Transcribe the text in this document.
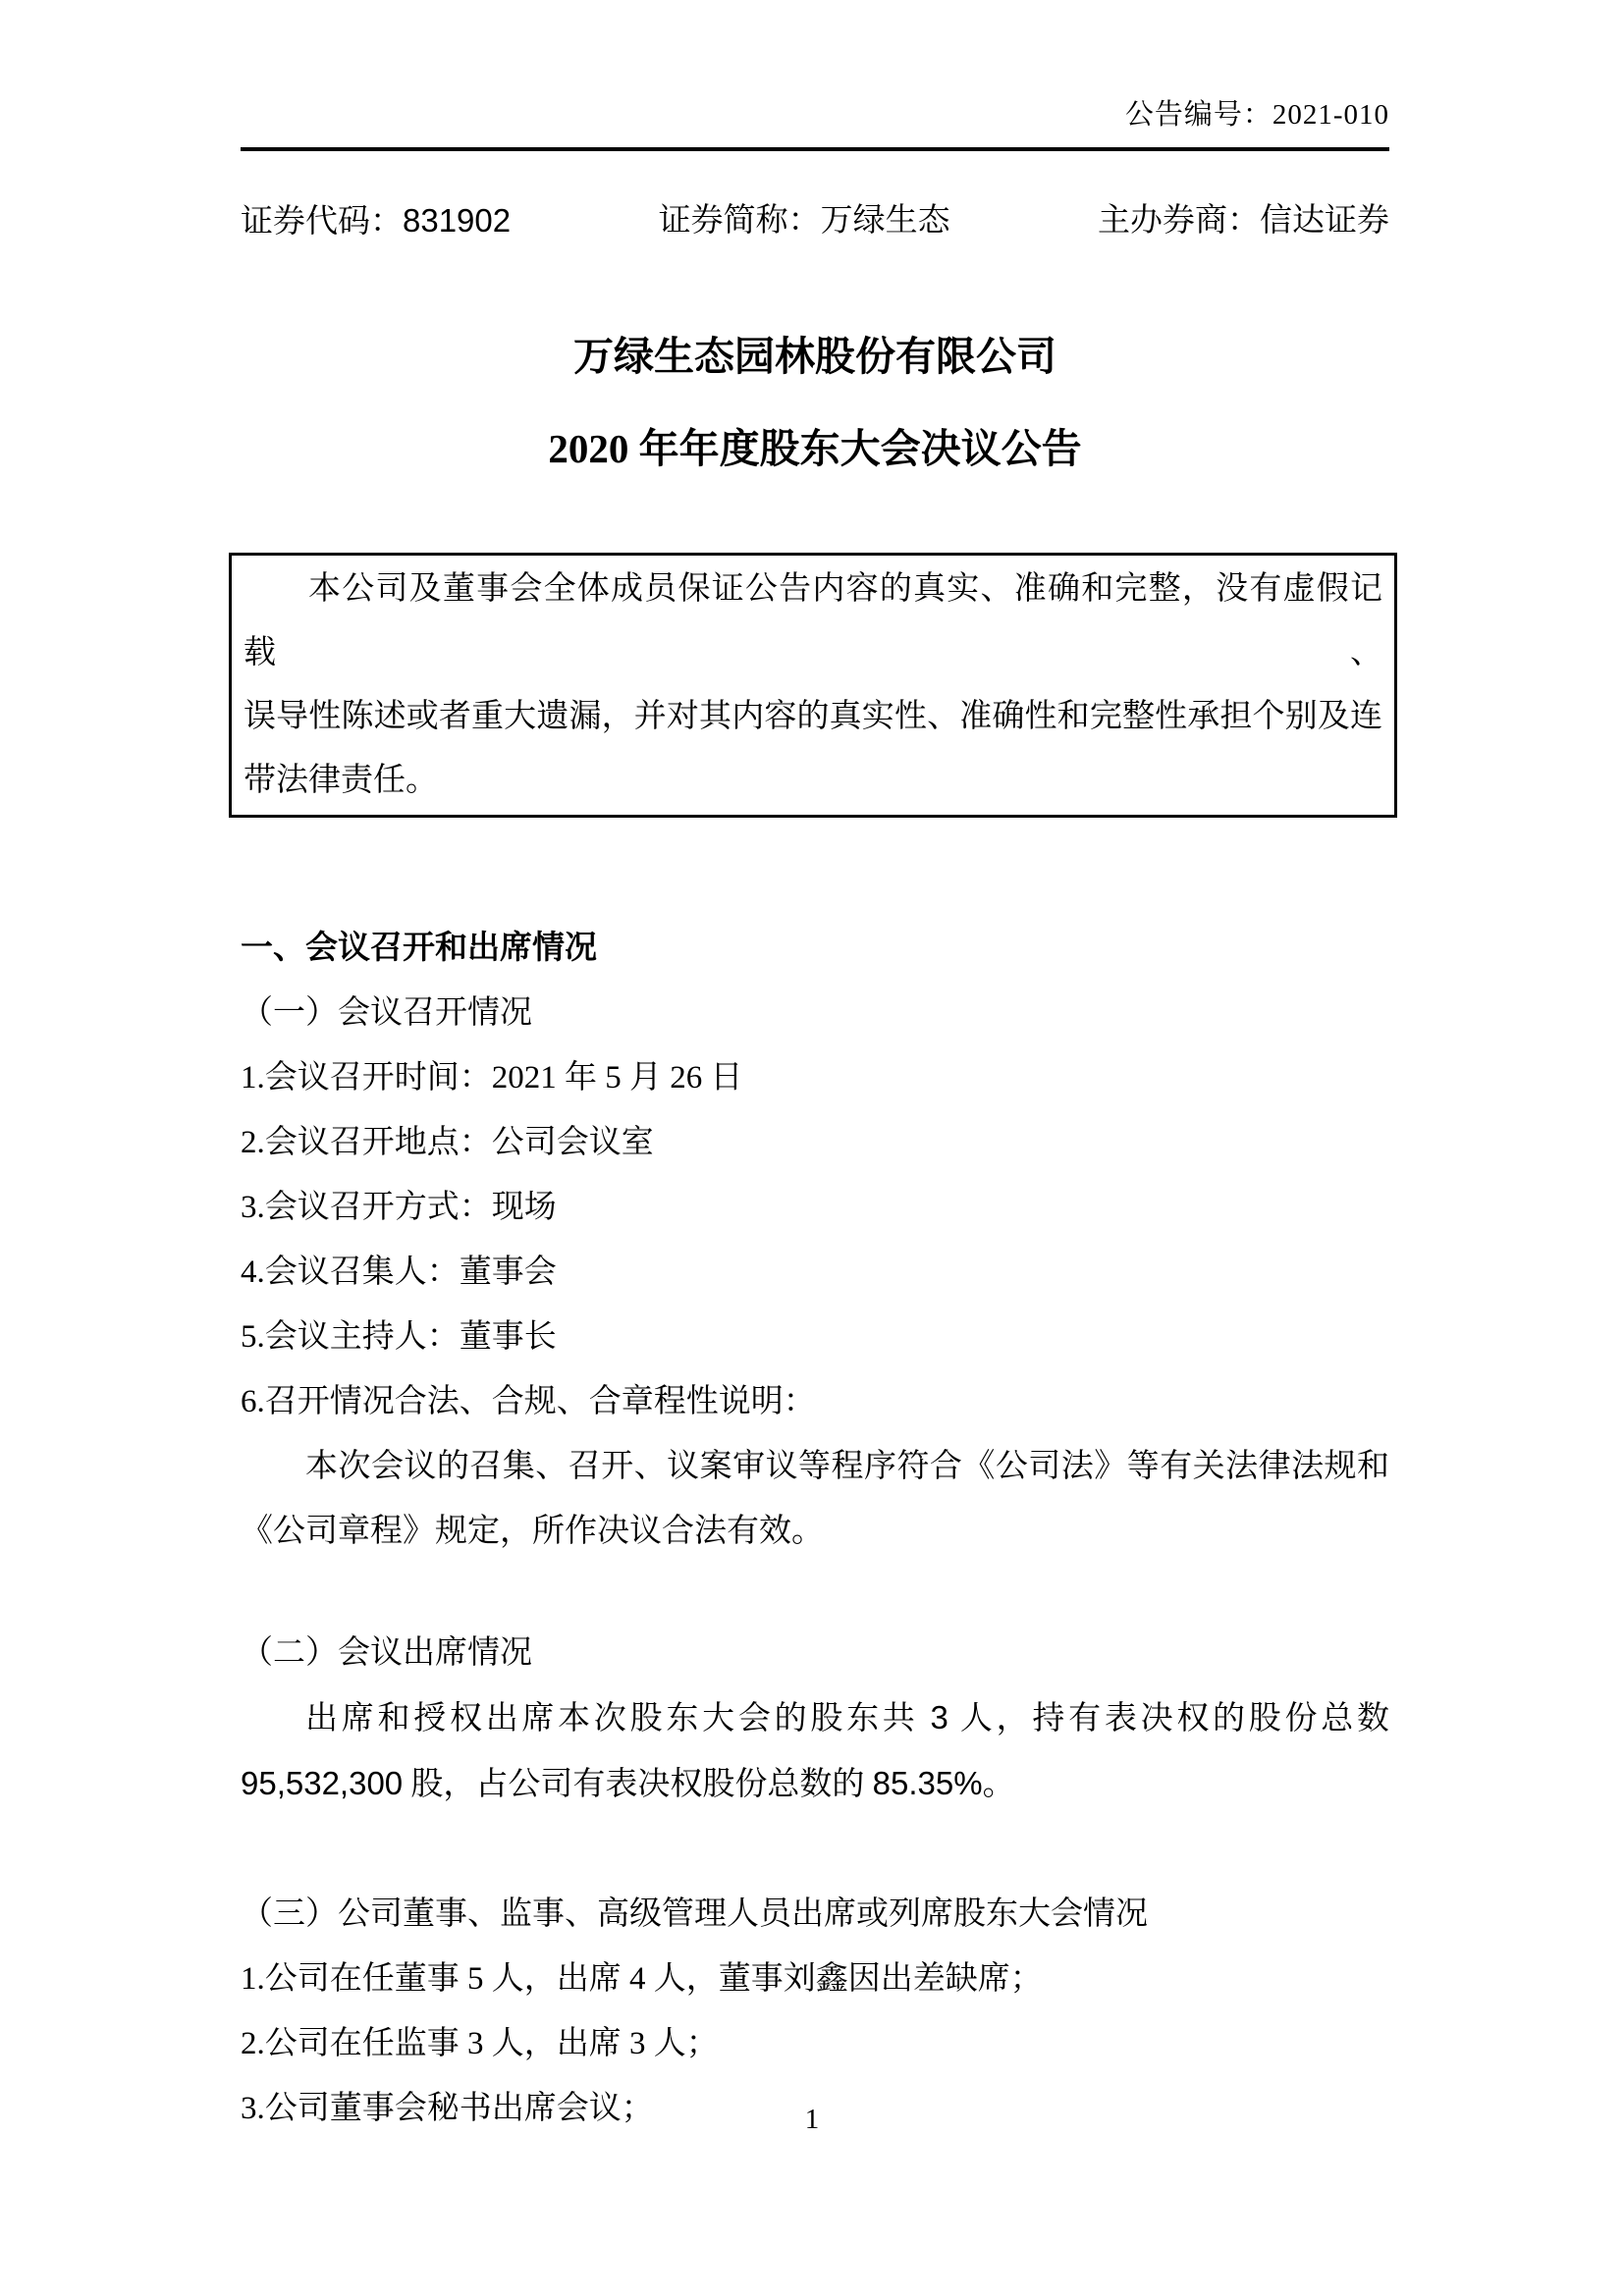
公告编号：2021-010
证券代码：831902	证券简称：万绿生态	主办券商：信达证券
万绿生态园林股份有限公司
2020 年年度股东大会决议公告

本公司及董事会全体成员保证公告内容的真实、准确和完整，没有虚假记载、

误导性陈述或者重大遗漏，并对其内容的真实性、准确性和完整性承担个别及连

带法律责任。

一、会议召开和出席情况

（一）会议召开情况

1.会议召开时间：2021 年 5 月 26 日

2.会议召开地点：公司会议室

3.会议召开方式：现场

4.会议召集人：董事会

5.会议主持人：董事长

6.召开情况合法、合规、合章程性说明：

本次会议的召集、召开、议案审议等程序符合《公司法》等有关法律法规和

《公司章程》规定，所作决议合法有效。

（二）会议出席情况

出席和授权出席本次股东大会的股东共 3 人，持有表决权的股份总数

95,532,300 股，占公司有表决权股份总数的 85.35%。

（三）公司董事、监事、高级管理人员出席或列席股东大会情况

1.公司在任董事 5 人，出席 4 人，董事刘鑫因出差缺席；

2.公司在任监事 3 人，出席 3 人；

3.公司董事会秘书出席会议；	1
